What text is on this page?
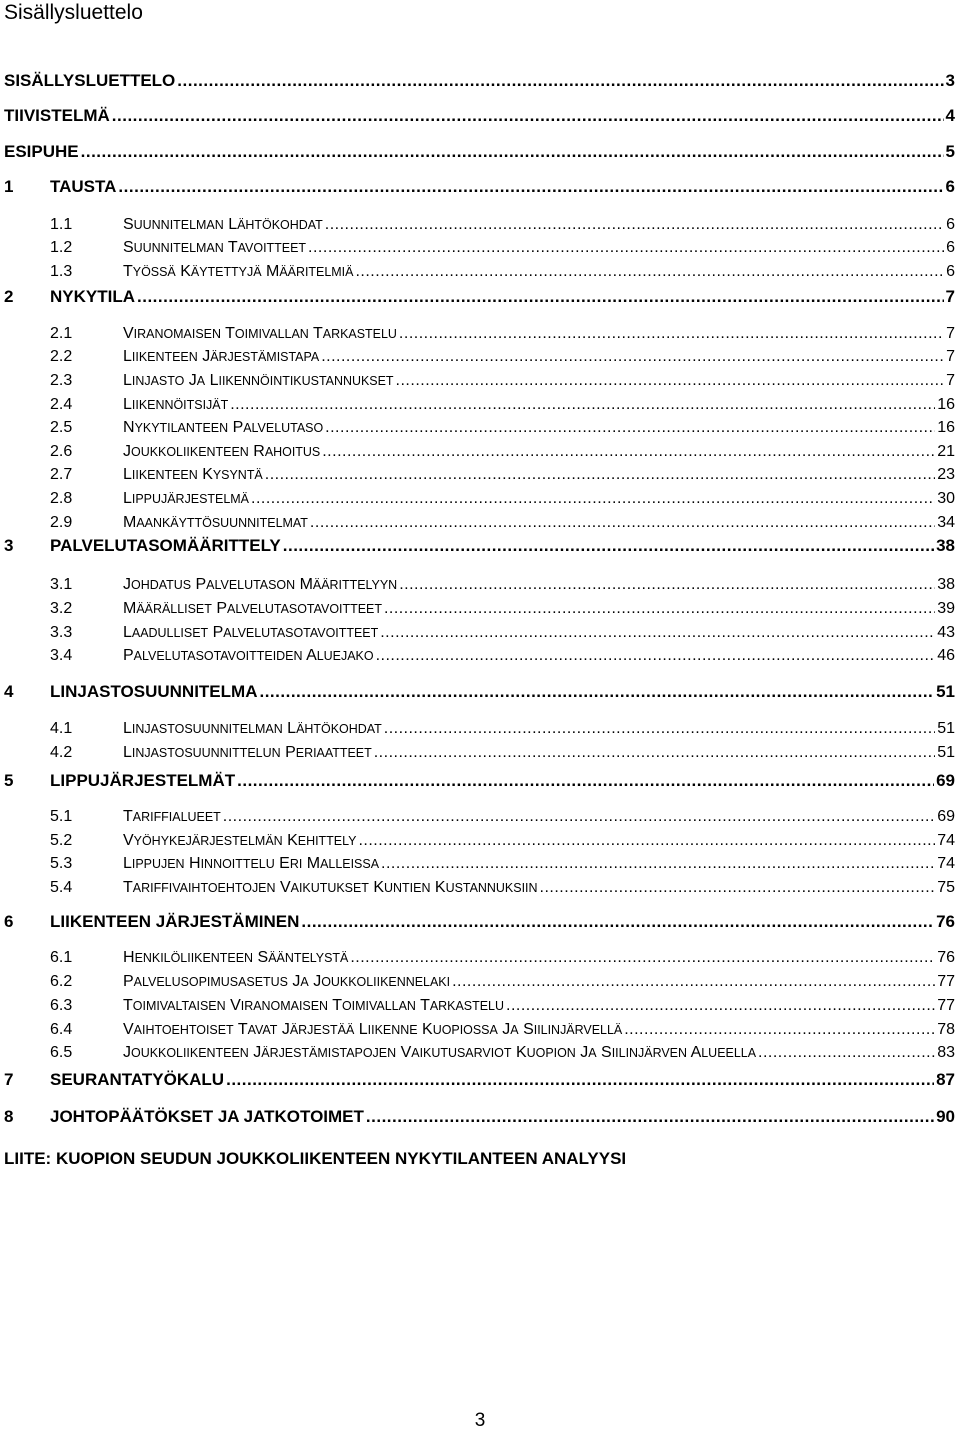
Sisällysluettelo
SISÄLLYSLUETTELO .....	3
TIIVISTELMÄ .....	4
ESIPUHE .....	5
1	TAUSTA .....	6
1.1	SUUNNITELMAN LÄHTÖKOHDAT .....	6
1.2	SUUNNITELMAN TAVOITTEET .....	6
1.3	TYÖSSÄ KÄYTETTYJÄ MÄÄRITELMIÄ .....	6
2	NYKYTILA .....	7
2.1	VIRANOMAISEN TOIMIVALLAN TARKASTELU .....	7
2.2	LIIKENTEEN JÄRJESTÄMISTAPA .....	7
2.3	LINJASTO JA LIIKENNÖINTIKUSTANNUKSET .....	7
2.4	LIIKENNÖITSIJÄT .....	16
2.5	NYKYTILANTEEN PALVELUTASO .....	16
2.6	JOUKKOLIIKENTEEN RAHOITUS .....	21
2.7	LIIKENTEEN KYSYNTÄ .....	23
2.8	LIPPUJÄRJESTELMÄ .....	30
2.9	MAANKÄYTTÖSUUNNITELMAT .....	34
3	PALVELUTASOMÄÄRITTELY .....	38
3.1	JOHDATUS PALVELUTASON MÄÄRITTELYYN .....	38
3.2	MÄÄRÄLLISET PALVELUTASOTAVOITTEET .....	39
3.3	LAADULLISET PALVELUTASOTAVOITTEET .....	43
3.4	PALVELUTASOTAVOITTEIDEN ALUEJAKO .....	46
4	LINJASTOSUUNNITELMA .....	51
4.1	LINJASTOSUUNNITELMAN LÄHTÖKOHDAT .....	51
4.2	LINJASTOSUUNNITTELUN PERIAATTEET .....	51
5	LIPPUJÄRJESTELMÄT .....	69
5.1	TARIFFIALUEET .....	69
5.2	VYÖHYKEJÄRJESTELMÄN KEHITTELY .....	74
5.3	LIPPUJEN HINNOITTELU ERI MALLEISSA .....	74
5.4	TARIFFIVAIHTOEHTOJEN VAIKUTUKSET KUNTIEN KUSTANNUKSIIN .....	75
6	LIIKENTEEN JÄRJESTÄMINEN .....	76
6.1	HENKILÖLIIKENTEEN SÄÄNTELYSTÄ .....	76
6.2	PALVELUSOPIMUSASETUS JA JOUKKOLIIKENNELAKI .....	77
6.3	TOIMIVALTAISEN VIRANOMAISEN TOIMIVALLAN TARKASTELU .....	77
6.4	VAIHTOEHTOISET TAVAT JÄRJESTÄÄ LIIKENNE KUOPIOSSA JA SIILINJÄRVELLÄ .....	78
6.5	JOUKKOLIIKENTEEN JÄRJESTÄMISTAPOJEN VAIKUTUSARVIOT KUOPION JA SIILINJÄRVEN ALUEELLA .....	83
7	SEURANTATYÖKALU .....	87
8	JOHTOPÄÄTÖKSET JA JATKOTOIMET .....	90
LIITE: KUOPION SEUDUN JOUKKOLIIKENTEEN NYKYTILANTEEN ANALYYSI
3
